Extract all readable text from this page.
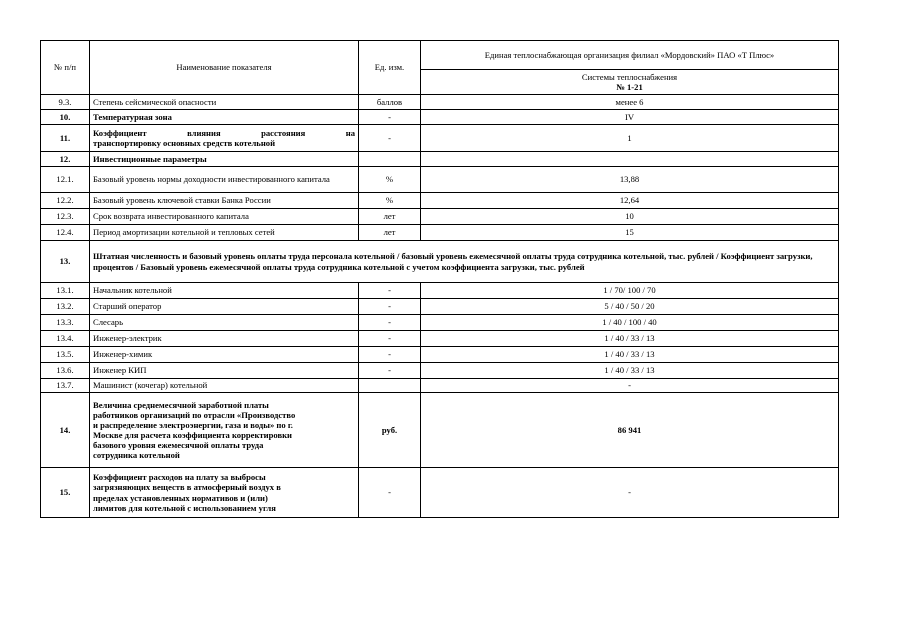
№ п/п	Наименование показателя	Ед. изм.	Единая теплоснабжающая организация филиал «Мордовский» ПАО «Т Плюс»
			Системы теплоснабжения
№ 1-21
9.3.	Степень сейсмической опасности	баллов	менее 6
10.	Температурная зона	-	IV
11.	Коэффициент влияния расстояния на
транспортировку основных средств котельной	-	1
12.	Инвестиционные параметры		
12.1.	Базовый уровень нормы доходности инвестированного капитала	%	13,88
12.2.	Базовый уровень ключевой ставки Банка России	%	12,64
12.3.	Срок возврата инвестированного капитала	лет	10
12.4.	Период амортизации котельной и тепловых сетей	лет	15
13.	Штатная численность и базовый уровень оплаты труда персонала котельной / базовый уровень ежемесячной оплаты труда сотрудника котельной, тыс. рублей / Коэффициент загрузки, процентов / Базовый уровень ежемесячной оплаты труда сотрудника котельной с учетом коэффициента загрузки, тыс. рублей		
13.1.	Начальник котельной	-	1 / 70/ 100 / 70
13.2.	Старший оператор	-	5 / 40 / 50 / 20
13.3.	Слесарь	-	1 / 40 / 100 / 40
13.4.	Инженер-электрик	-	1 / 40 / 33 / 13
13.5.	Инженер-химик	-	1 / 40 / 33 / 13
13.6.	Инженер КИП	-	1 / 40 / 33 / 13
13.7.	Машинист (кочегар) котельной		-
14.	Величина среднемесячной заработной платы работников организаций по отрасли «Производство и распределение электроэнергии, газа и воды» по г. Москве для расчета коэффициента корректировки базового уровня ежемесячной оплаты труда сотрудника котельной	руб.	86 941
15.	Коэффициент расходов на плату за выбросы загрязняющих веществ в атмосферный воздух в пределах установленных нормативов и (или) лимитов для котельной с использованием угля	-	-
